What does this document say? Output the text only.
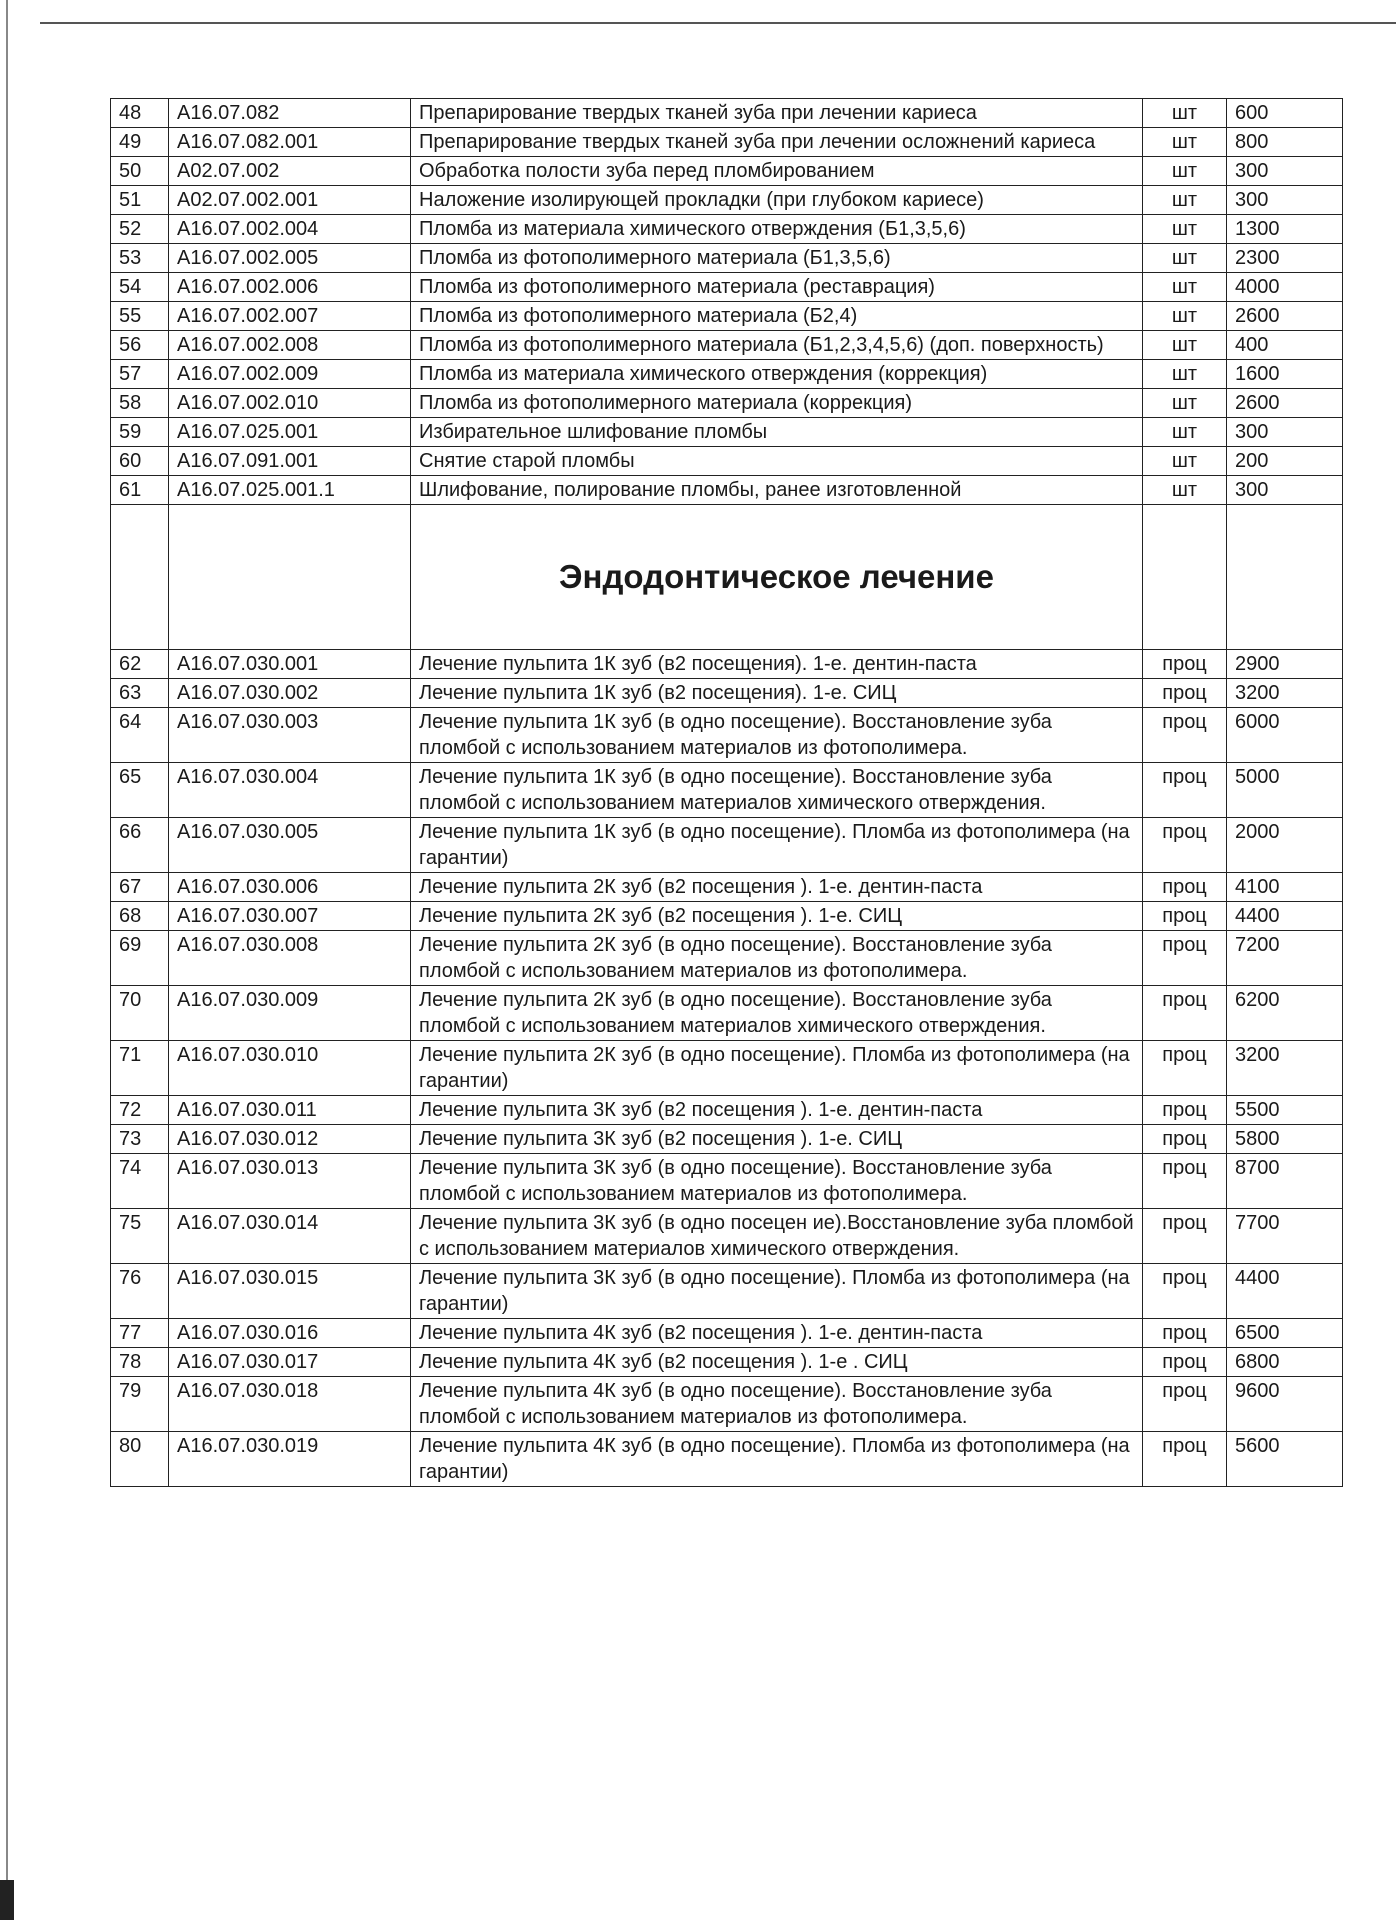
48	А16.07.082	Препарирование твердых тканей зуба при лечении кариеса	шт	600
49	А16.07.082.001	Препарирование твердых тканей зуба при лечении осложнений кариеса	шт	800
50	А02.07.002	Обработка полости зуба перед пломбированием	шт	300
51	А02.07.002.001	Наложение изолирующей прокладки (при глубоком кариесе)	шт	300
52	А16.07.002.004	Пломба из материала химического отверждения (Б1,3,5,6)	шт	1300
53	А16.07.002.005	Пломба из фотополимерного материала (Б1,3,5,6)	шт	2300
54	А16.07.002.006	Пломба из фотополимерного материала (реставрация)	шт	4000
55	А16.07.002.007	Пломба из фотополимерного материала (Б2,4)	шт	2600
56	А16.07.002.008	Пломба из фотополимерного материала (Б1,2,3,4,5,6) (доп. поверхность)	шт	400
57	А16.07.002.009	Пломба из материала химического отверждения (коррекция)	шт	1600
58	А16.07.002.010	Пломба из фотополимерного материала (коррекция)	шт	2600
59	А16.07.025.001	Избирательное шлифование пломбы	шт	300
60	А16.07.091.001	Снятие старой пломбы	шт	200
61	А16.07.025.001.1	Шлифование, полирование пломбы, ранее изготовленной	шт	300
		Эндодонтическое лечение		
62	А16.07.030.001	Лечение пульпита 1К зуб (в2 посещения). 1-е. дентин-паста	проц	2900
63	А16.07.030.002	Лечение пульпита 1К зуб (в2 посещения). 1-е. СИЦ	проц	3200
64	А16.07.030.003	Лечение пульпита 1К зуб (в одно посещение). Восстановление зуба пломбой с использованием материалов из фотополимера.	проц	6000
65	А16.07.030.004	Лечение пульпита 1К зуб (в одно посещение). Восстановление зуба пломбой с использованием материалов химического отверждения.	проц	5000
66	А16.07.030.005	Лечение пульпита 1К зуб (в одно посещение). Пломба из фотополимера (на гарантии)	проц	2000
67	А16.07.030.006	Лечение пульпита 2К зуб (в2 посещения ). 1-е. дентин-паста	проц	4100
68	А16.07.030.007	Лечение пульпита 2К зуб (в2 посещения ). 1-е. СИЦ	проц	4400
69	А16.07.030.008	Лечение пульпита 2К зуб (в одно посещение). Восстановление зуба пломбой с использованием материалов из фотополимера.	проц	7200
70	А16.07.030.009	Лечение пульпита 2К зуб (в одно посещение). Восстановление зуба пломбой с использованием материалов химического отверждения.	проц	6200
71	А16.07.030.010	Лечение пульпита 2К зуб (в одно посещение). Пломба из фотополимера (на гарантии)	проц	3200
72	А16.07.030.011	Лечение пульпита 3К зуб (в2 посещения ). 1-е. дентин-паста	проц	5500
73	А16.07.030.012	Лечение пульпита 3К зуб (в2 посещения ). 1-е. СИЦ	проц	5800
74	А16.07.030.013	Лечение пульпита 3К зуб (в одно посещение). Восстановление зуба пломбой с использованием материалов из фотополимера.	проц	8700
75	А16.07.030.014	Лечение пульпита 3К зуб (в одно посецен ие).Восстановление зуба пломбой с использованием материалов химического отверждения.	проц	7700
76	А16.07.030.015	Лечение пульпита 3К зуб (в одно посещение). Пломба из фотополимера (на гарантии)	проц	4400
77	А16.07.030.016	Лечение пульпита 4К зуб (в2 посещения ). 1-е. дентин-паста	проц	6500
78	А16.07.030.017	Лечение пульпита 4К зуб (в2 посещения ). 1-е . СИЦ	проц	6800
79	А16.07.030.018	Лечение пульпита 4К зуб (в одно посещение). Восстановление зуба пломбой с использованием материалов из фотополимера.	проц	9600
80	А16.07.030.019	Лечение пульпита 4К зуб (в одно посещение). Пломба из фотополимера (на гарантии)	проц	5600
